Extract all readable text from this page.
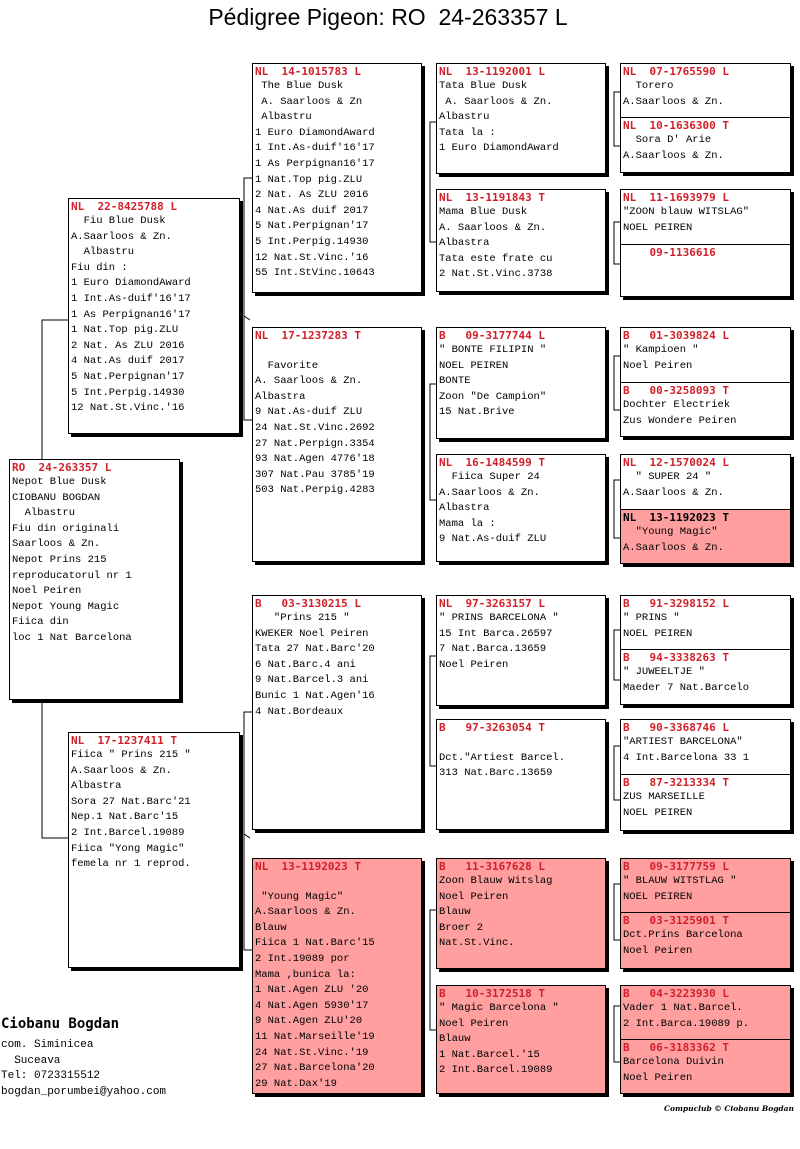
Pédigree Pigeon: RO  24-263357 L
RO  24-263357 L
Nepot Blue Dusk
CIOBANU BOGDAN
Albastru
Fiu din originali
Saarloos & Zn.
Nepot Prins 215
reproducatorul nr 1
Noel Peiren
Nepot Young Magic
Fiica din
loc 1 Nat Barcelona
NL  22-8425788 L
Fiu Blue Dusk
A.Saarloos & Zn.
Albastru
Fiu din :
1 Euro DiamondAward
1 Int.As-duif'16'17
1 As Perpignan16'17
1 Nat.Top pig.ZLU
2 Nat. As ZLU 2016
4 Nat.As duif 2017
5 Nat.Perpignan'17
5 Int.Perpig.14930
12 Nat.St.Vinc.'16
NL  17-1237411 T
Fiica " Prins 215 "
A.Saarloos & Zn.
Albastra
Sora 27 Nat.Barc'21
Nep.1 Nat.Barc'15
2 Int.Barcel.19089
Fiica "Yong Magic"
femela nr 1 reprod.
NL  14-1015783 L
The Blue Dusk
A. Saarloos & Zn
Albastru
1 Euro DiamondAward
1 Int.As-duif'16'17
1 As Perpignan16'17
1 Nat.Top pig.ZLU
2 Nat. As ZLU 2016
4 Nat.As duif 2017
5 Nat.Perpignan'17
5 Int.Perpig.14930
12 Nat.St.Vinc.'16
55 Int.StVinc.10643
NL  17-1237283 T

Favorite
A. Saarloos & Zn.
Albastra
9 Nat.As-duif ZLU
24 Nat.St.Vinc.2692
27 Nat.Perpign.3354
93 Nat.Agen 4776'18
307 Nat.Pau 3785'19
503 Nat.Perpig.4283
B   03-3130215 L
"Prins 215 "
KWEKER Noel Peiren
Tata 27 Nat.Barc'20
6 Nat.Barc.4 ani
9 Nat.Barcel.3 ani
Bunic 1 Nat.Agen'16
4 Nat.Bordeaux
NL  13-1192023 T

"Young Magic"
A.Saarloos & Zn.
Blauw
Fiica 1 Nat.Barc'15
2 Int.19089 por
Mama ,bunica la:
1 Nat.Agen ZLU '20
4 Nat.Agen 5930'17
9 Nat.Agen ZLU'20
11 Nat.Marseille'19
24 Nat.St.Vinc.'19
27 Nat.Barcelona'20
29 Nat.Dax'19
NL  13-1192001 L
Tata Blue Dusk
A. Saarloos & Zn.
Albastru
Tata la :
1 Euro DiamondAward
NL  13-1191843 T
Mama Blue Dusk
A. Saarloos & Zn.
Albastra
Tata este frate cu
2 Nat.St.Vinc.3738
B   09-3177744 L
" BONTE FILIPIN "
NOEL PEIREN
BONTE
Zoon "De Campion"
15 Nat.Brive
NL  16-1484599 T
Fiica Super 24
A.Saarloos & Zn.
Albastra
Mama la :
9 Nat.As-duif ZLU
NL  97-3263157 L
" PRINS BARCELONA "
15 Int Barca.26597
7 Nat.Barca.13659
Noel Peiren
B   97-3263054 T

Dct."Artiest Barcel.
313 Nat.Barc.13659
B   11-3167628 L
Zoon Blauw Witslag
Noel Peiren
Blauw
Broer 2
Nat.St.Vinc.
B   10-3172518 T
" Magic Barcelona "
Noel Peiren
Blauw
1 Nat.Barcel.'15
2 Int.Barcel.19089
NL  07-1765590 L
Torero
A.Saarloos & Zn.
NL  10-1636300 T
Sora D' Arie
A.Saarloos & Zn.
NL  11-1693979 L
"ZOON blauw WITSLAG"
NOEL PEIREN
09-1136616
B   01-3039824 L
" Kampioen "
Noel Peiren
B   00-3258093 T
Dochter Electriek
Zus Wondere Peiren
NL  12-1570024 L
" SUPER 24 "
A.Saarloos & Zn.
NL  13-1192023 T
"Young Magic"
A.Saarloos & Zn.
B   91-3298152 L
" PRINS "
NOEL PEIREN
B   94-3338263 T
" JUWEELTJE "
Maeder 7 Nat.Barcelo
B   90-3368746 L
"ARTIEST BARCELONA"
4 Int.Barcelona 33 1
B   87-3213334 T
ZUS MARSEILLE
NOEL PEIREN
B   09-3177759 L
" BLAUW WITSTLAG "
NOEL PEIREN
B   03-3125901 T
Dct.Prins Barcelona
Noel Peiren
B   04-3223930 L
Vader 1 Nat.Barcel.
2 Int.Barca.19089 p.
B   06-3183362 T
Barcelona Duivin
Noel Peiren
Ciobanu Bogdan
com. Siminicea
Suceava
Tel: 0723315512
bogdan_porumbei@yahoo.com
Compuclub © Ciobanu Bogdan
